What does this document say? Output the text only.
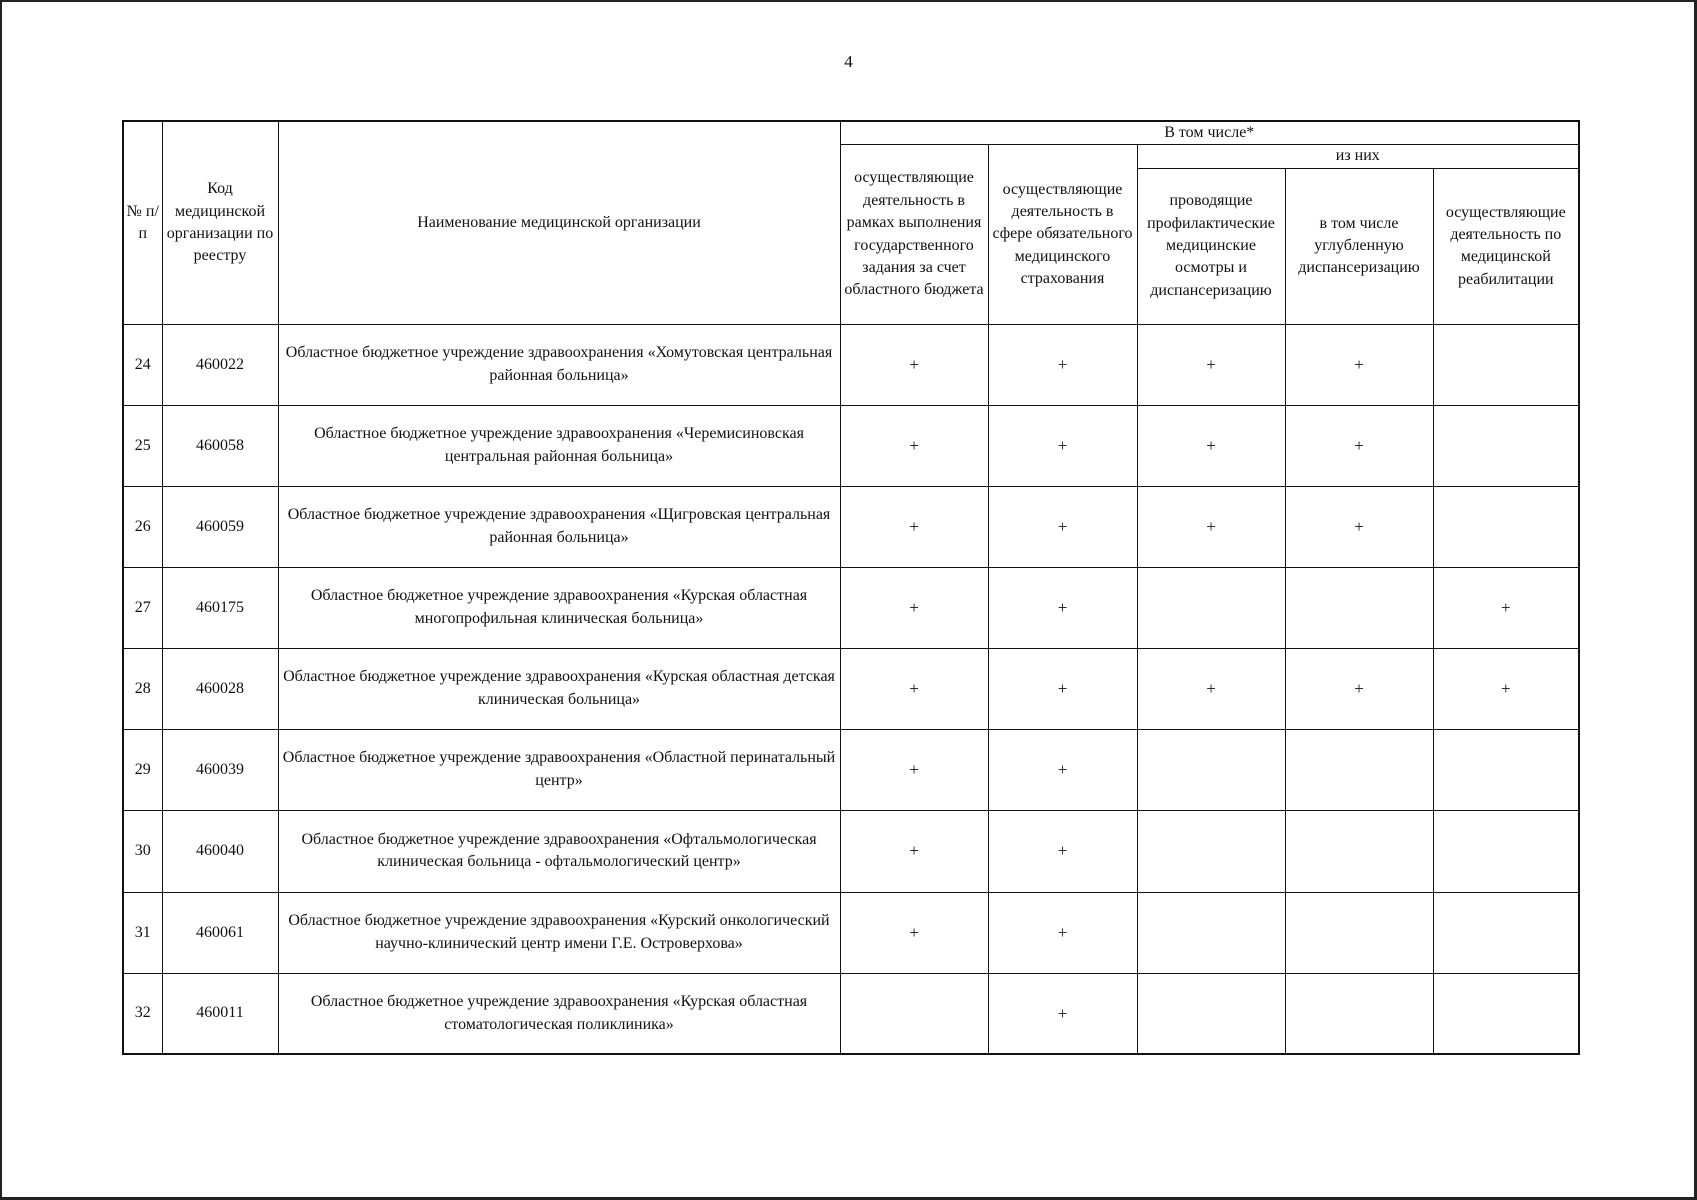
4
№ п/п	Код медицинской организации по реестру	Наименование медицинской организации	В том числе*				
			осуществляющие деятельность в рамках выполнения государственного задания за счет областного бюджета	осуществляющие деятельность в сфере обязательного медицинского страхования	из них		
					проводящие профилактические медицинские осмотры и диспансеризацию	в том числе углубленную диспансеризацию	осуществляющие деятельность по медицинской реабилитации
24	460022	Областное бюджетное учреждение здравоохранения «Хомутовская центральная районная больница»	+	+	+	+	
25	460058	Областное бюджетное учреждение здравоохранения «Черемисиновская центральная районная больница»	+	+	+	+	
26	460059	Областное бюджетное учреждение здравоохранения «Щигровская центральная районная больница»	+	+	+	+	
27	460175	Областное бюджетное учреждение здравоохранения «Курская областная многопрофильная клиническая больница»	+	+			+
28	460028	Областное бюджетное учреждение здравоохранения «Курская областная детская клиническая больница»	+	+	+	+	+
29	460039	Областное бюджетное учреждение здравоохранения «Областной перинатальный центр»	+	+			
30	460040	Областное бюджетное учреждение здравоохранения «Офтальмологическая клиническая больница - офтальмологический центр»	+	+			
31	460061	Областное бюджетное учреждение здравоохранения «Курский онкологический научно-клинический центр имени Г.Е. Островерхова»	+	+			
32	460011	Областное бюджетное учреждение здравоохранения «Курская областная стоматологическая поликлиника»		+			
